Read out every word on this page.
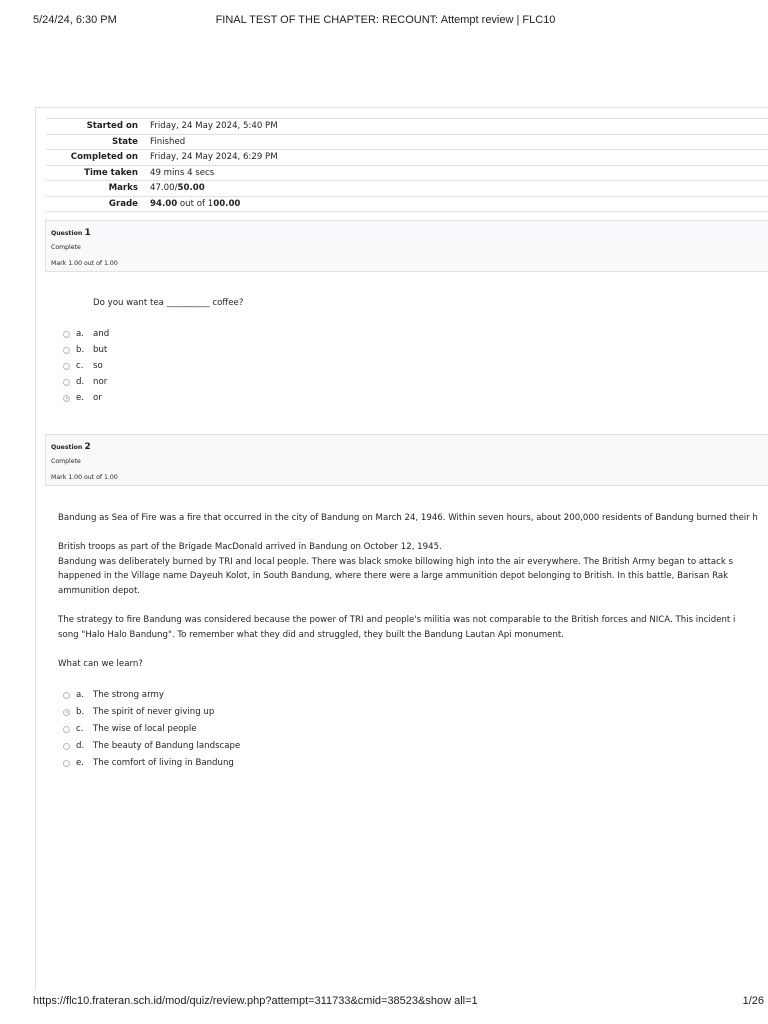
5/24/24, 6:30 PM	FINAL TEST OF THE CHAPTER: RECOUNT: Attempt review | FLC10
Started on	Friday, 24 May 2024, 5:40 PM
State	Finished
Completed on	Friday, 24 May 2024, 6:29 PM
Time taken	49 mins 4 secs
Marks	47.00/50.00
Grade	94.00 out of 100.00
Question 1
Complete
Mark 1.00 out of 1.00
Do you want tea __________ coffee?
a.	and
b.	but
c.	so
d.	nor
e.	or
Question 2
Complete
Mark 1.00 out of 1.00
Bandung as Sea of Fire was a fire that occurred in the city of Bandung on March 24, 1946. Within seven hours, about 200,000 residents of Bandung burned their h
British troops as part of the Brigade MacDonald arrived in Bandung on October 12, 1945.
Bandung was deliberately burned by TRI and local people. There was black smoke billowing high into the air everywhere. The British Army began to attack s
happened in the Village name Dayeuh Kolot, in South Bandung, where there were a large ammunition depot belonging to British. In this battle, Barisan Rak
ammunition depot.
The strategy to fire Bandung was considered because the power of TRI and people's militia was not comparable to the British forces and NICA. This incident i
song "Halo Halo Bandung". To remember what they did and struggled, they built the Bandung Lautan Api monument.
What can we learn?
a.	The strong army
b.	The spirit of never giving up
c.	The wise of local people
d.	The beauty of Bandung landscape
e.	The comfort of living in Bandung
https://flc10.frateran.sch.id/mod/quiz/review.php?attempt=311733&cmid=38523&show all=1	1/26
